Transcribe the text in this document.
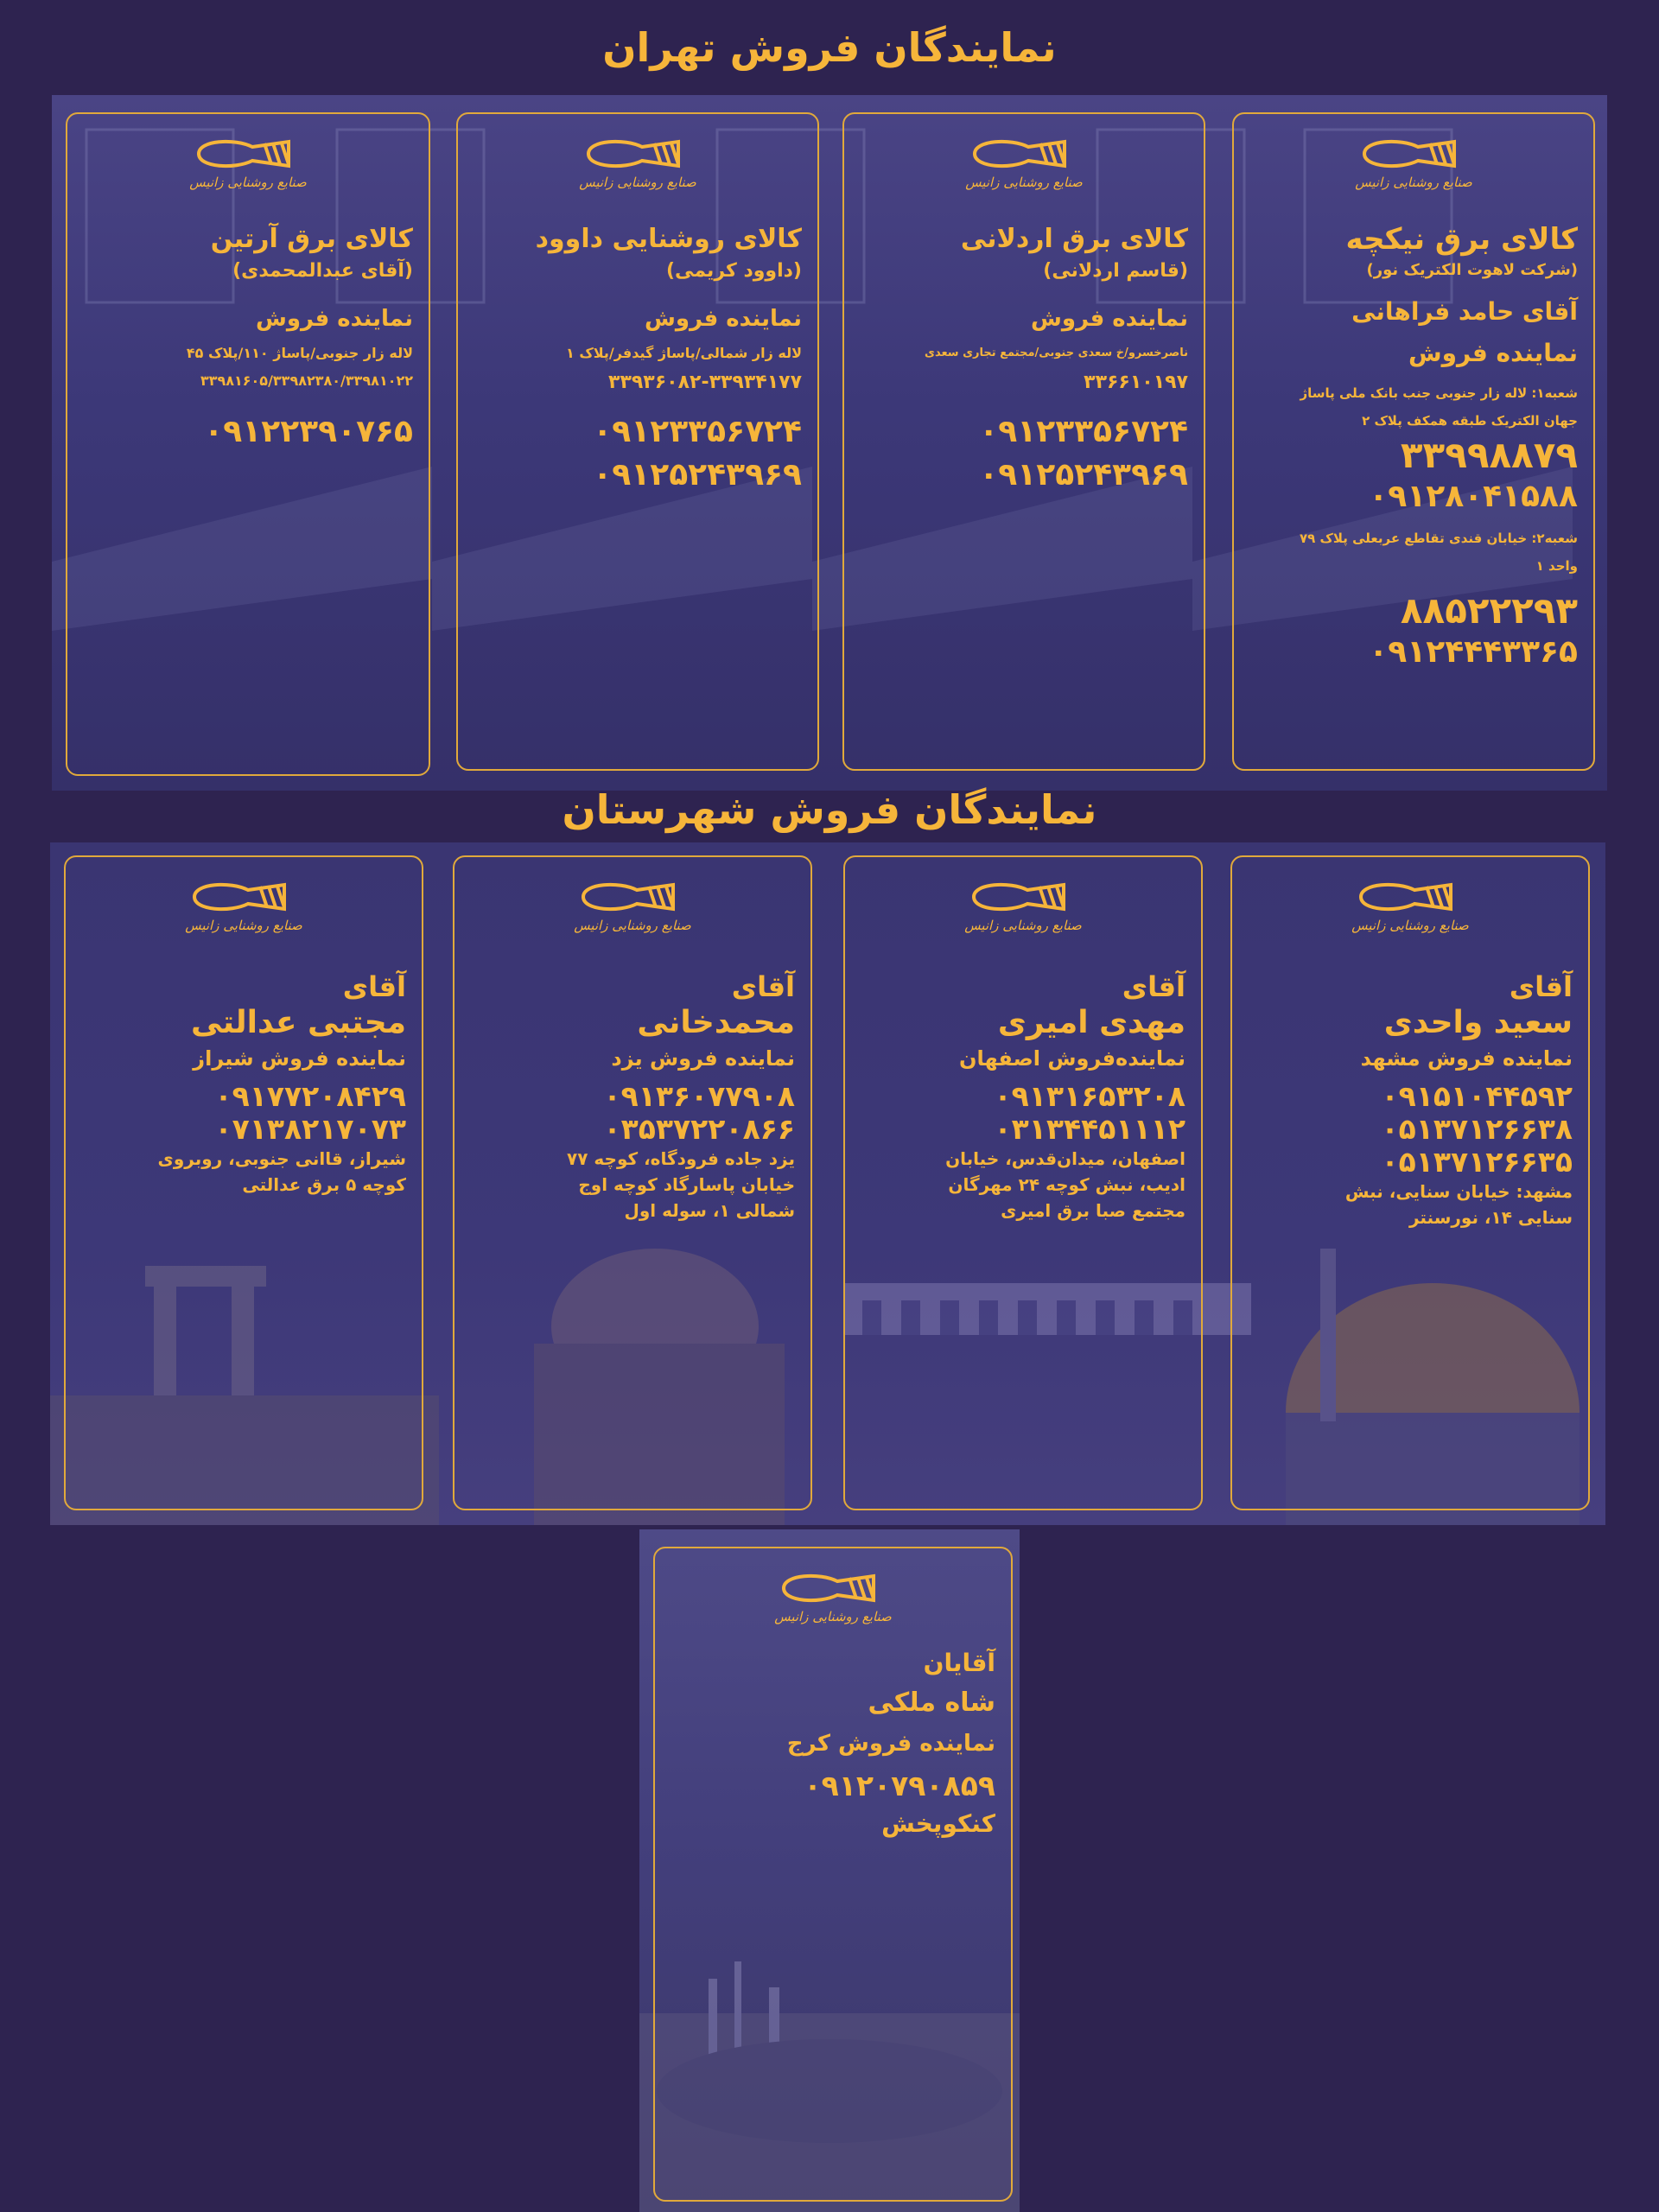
نمایندگان فروش تهران
صنایع روشنایی زانیس
کالای برق نیکچه
(شرکت لاهوت الکتریک نور)
آقای حامد فراهانی
نماینده فروش
شعبه۱: لاله زار جنوبی جنب بانک ملی پاساژ
جهان الکتریک طبقه همکف پلاک ۲
۳۳۹۹۸۸۷۹
۰۹۱۲۸۰۴۱۵۸۸
شعبه۲: خیابان قندی تقاطع عربعلی پلاک ۷۹
واحد ۱
۸۸۵۲۲۲۹۳
۰۹۱۲۴۴۴۳۳۶۵
صنایع روشنایی زانیس
کالای برق اردلانی
(قاسم اردلانی)
نماینده فروش
ناصرخسرو/خ سعدی جنوبی/مجتمع تجاری سعدی
۳۳۶۶۱۰۱۹۷
۰۹۱۲۳۳۵۶۷۲۴
۰۹۱۲۵۲۴۳۹۶۹
صنایع روشنایی زانیس
کالای روشنایی داوود
(داوود کریمی)
نماینده فروش
لاله زار شمالی/پاساژ گیدفر/پلاک ۱
۳۳۹۳۶۰۸۲-۳۳۹۳۴۱۷۷
۰۹۱۲۳۳۵۶۷۲۴
۰۹۱۲۵۲۴۳۹۶۹
صنایع روشنایی زانیس
کالای برق آرتین
(آقای عبدالمحمدی)
نماینده فروش
لاله زار جنوبی/پاساژ ۱۱۰/پلاک ۴۵
۳۳۹۸۱۶۰۵/۳۳۹۸۲۳۸۰/۳۳۹۸۱۰۲۲
۰۹۱۲۲۳۹۰۷۶۵
نمایندگان فروش شهرستان
صنایع روشنایی زانیس
آقای
سعید واحدی
نماینده فروش مشهد
۰۹۱۵۱۰۴۴۵۹۲
۰۵۱۳۷۱۲۶۶۳۸
۰۵۱۳۷۱۲۶۶۳۵
مشهد: خیابان سنایی، نبش
سنایی ۱۴، نورسنتر
صنایع روشنایی زانیس
آقای
مهدی امیری
نماینده‌فروش اصفهان
۰۹۱۳۱۶۵۳۲۰۸
۰۳۱۳۴۴۵۱۱۱۲
اصفهان، میدان‌قدس، خیابان
ادیب، نبش کوچه ۲۴ مهرگان
مجتمع صبا برق امیری
صنایع روشنایی زانیس
آقای
محمدخانی
نماینده فروش یزد
۰۹۱۳۶۰۷۷۹۰۸
۰۳۵۳۷۲۲۰۸۶۶
یزد جاده فرودگاه، کوچه ۷۷
خیابان پاسارگاد کوچه اوج
شمالی ۱، سوله اول
صنایع روشنایی زانیس
آقای
مجتبی عدالتی
نماینده فروش شیراز
۰۹۱۷۷۲۰۸۴۲۹
۰۷۱۳۸۲۱۷۰۷۳
شیراز، قاانی جنوبی، روبروی
کوچه ۵ برق عدالتی
صنایع روشنایی زانیس
آقایان
شاه ملکی
نماینده فروش کرج
۰۹۱۲۰۷۹۰۸۵۹
کنکوپخش
